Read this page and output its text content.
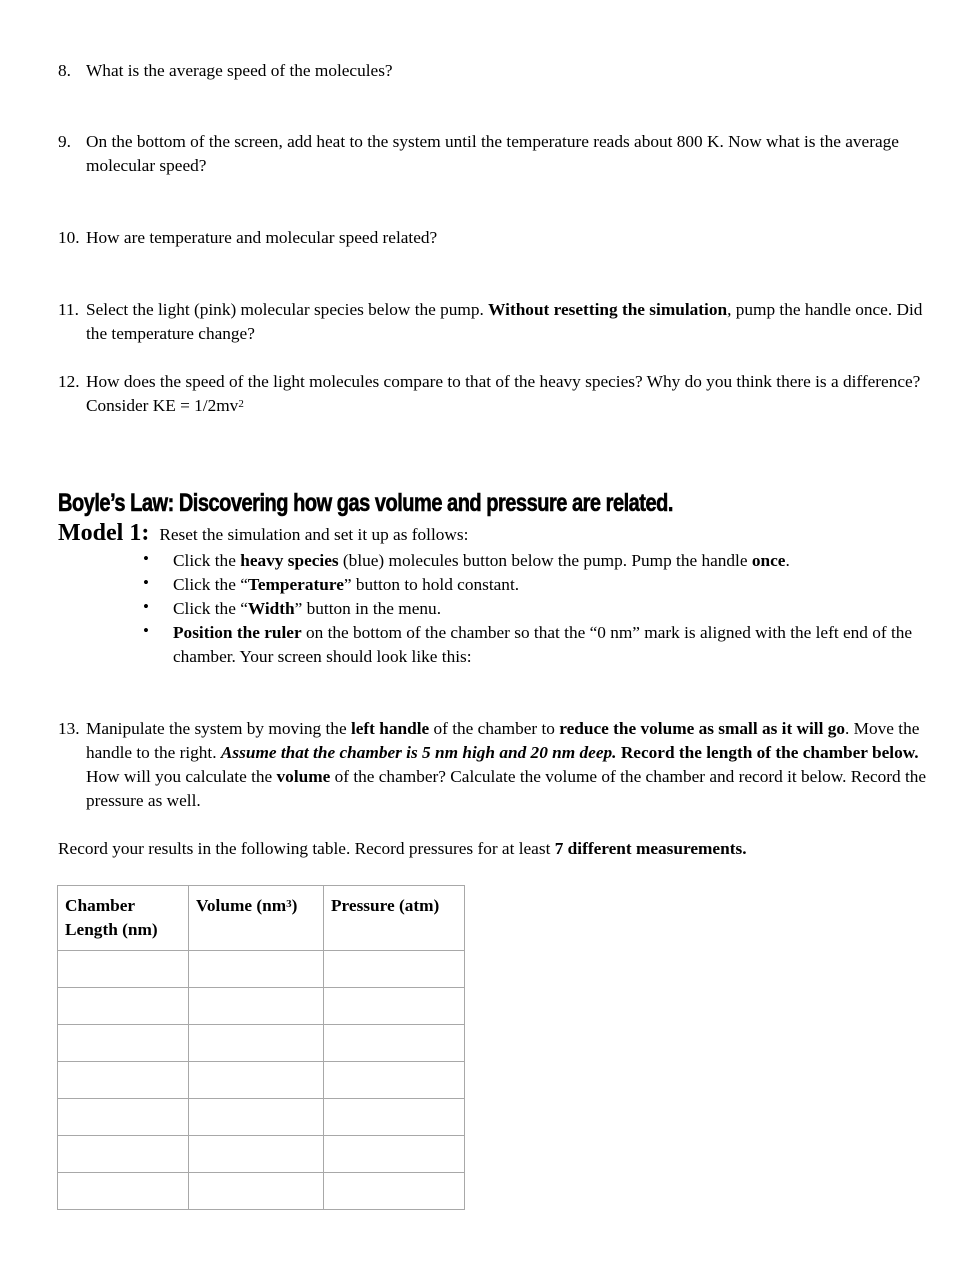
8. What is the average speed of the molecules?
9. On the bottom of the screen, add heat to the system until the temperature reads about 800 K. Now what is the average molecular speed?
10. How are temperature and molecular speed related?
11. Select the light (pink) molecular species below the pump. Without resetting the simulation, pump the handle once. Did the temperature change?
12. How does the speed of the light molecules compare to that of the heavy species? Why do you think there is a difference? Consider KE = $1/2mv^2$
Boyle’s Law: Discovering how gas volume and pressure are related.
Model 1: Reset the simulation and set it up as follows:
• Click the heavy species (blue) molecules button below the pump. Pump the handle once.
• Click the “Temperature” button to hold constant.
• Click the “Width” button in the menu.
• Position the ruler on the bottom of the chamber so that the “0 nm” mark is aligned with the left end of the chamber. Your screen should look like this:
13. Manipulate the system by moving the left handle of the chamber to reduce the volume as small as it will go. Move the handle to the right. Assume that the chamber is 5 nm high and 20 nm deep. Record the length of the chamber below. How will you calculate the volume of the chamber? Calculate the volume of the chamber and record it below. Record the pressure as well.
Record your results in the following table. Record pressures for at least 7 different measurements.
Chamber Length (nm)	Volume $(nm^3)$	Pressure (atm)
